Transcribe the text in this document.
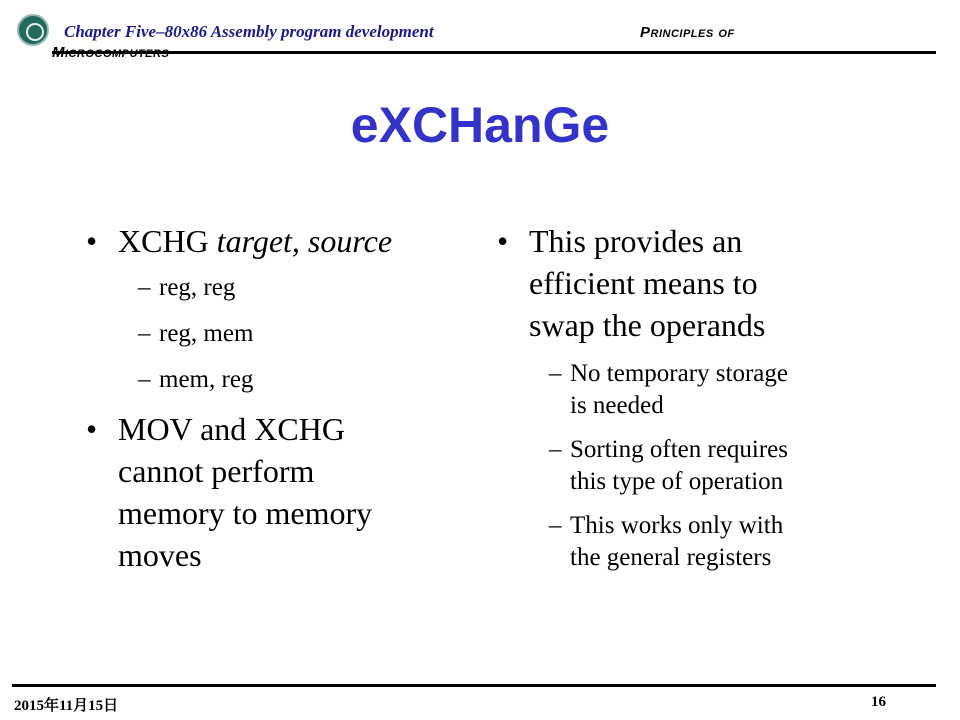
Chapter Five–80x86 Assembly program development	Principles of
eXCHanGe
• XCHG target, source
– reg, reg
– reg, mem
– mem, reg
• MOV and XCHG
cannot perform
memory to memory
moves
• This provides an
efficient means to
swap the operands
– No temporary storage
is needed
– Sorting often requires
this type of operation
– This works only with
the general registers
2015年11月15日	16
